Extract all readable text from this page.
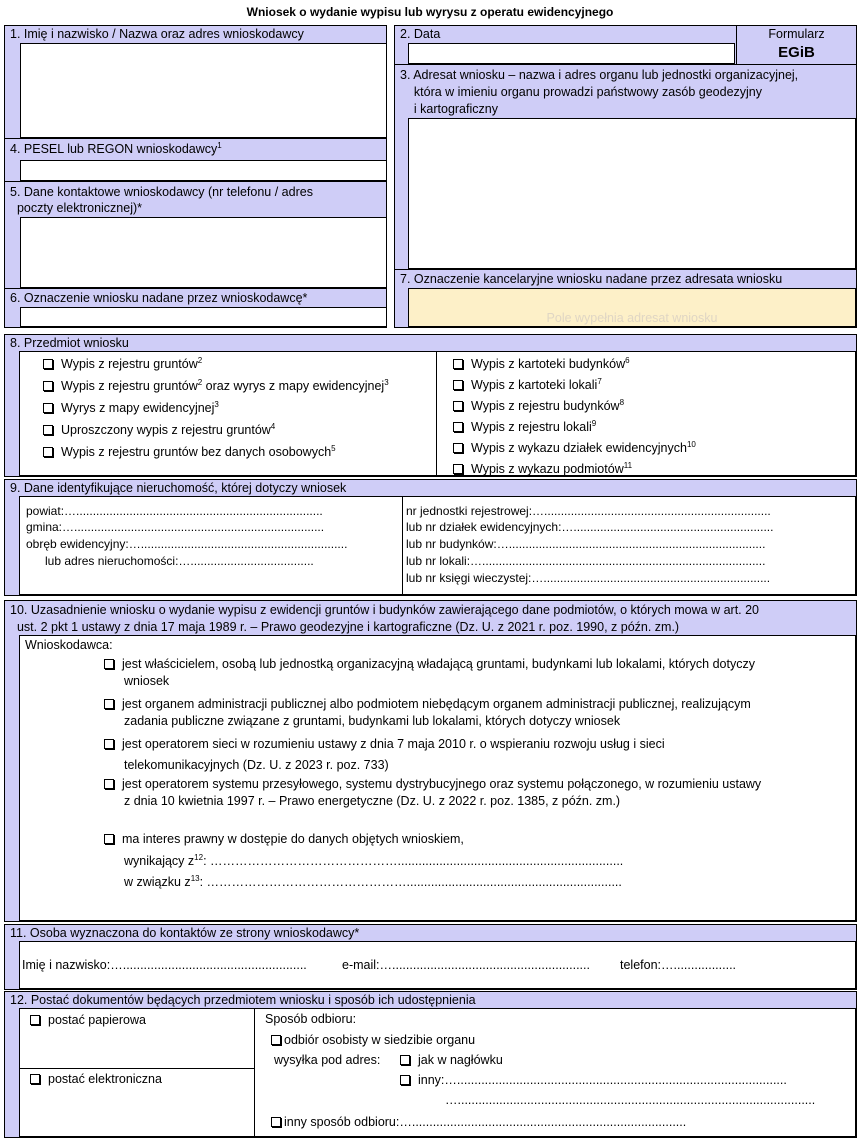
Wniosek o wydanie wypisu lub wyrysu z operatu ewidencyjnego
1. Imię i nazwisko / Nazwa oraz adres wnioskodawcy
4. PESEL lub REGON wnioskodawcy$^1$
5. Dane kontaktowe wnioskodawcy (nr telefonu / adres
poczty elektronicznej)*
6. Oznaczenie wniosku nadane przez wnioskodawcę*
2. Data	Formularz
EGiB
3. Adresat wniosku – nazwa i adres organu lub jednostki organizacyjnej,
która w imieniu organu prowadzi państwowy zasób geodezyjny
i kartograficzny
7. Oznaczenie kancelaryjne wniosku nadane przez adresata wniosku
Pole wypełnia adresat wniosku
8. Przedmiot wniosku
Wypis z rejestru gruntów$^2$
Wypis z rejestru gruntów$^2$ oraz wyrys z mapy ewidencyjnej$^3$
Wyrys z mapy ewidencyjnej$^3$
Uproszczony wypis z rejestru gruntów$^4$
Wypis z rejestru gruntów bez danych osobowych$^5$
Wypis z kartoteki budynków$^6$
Wypis z kartoteki lokali$^7$
Wypis z rejestru budynków$^8$
Wypis z rejestru lokali$^9$
Wypis z wykazu działek ewidencyjnych$^{10}$
Wypis z wykazu podmiotów$^{11}$
9. Dane identyfikujące nieruchomość, której dotyczy wniosek
powiat:…..........................................................................
gmina:…...........................................................................
obręb ewidencyjny:…..............................................................
lub adres nieruchomości:….....................................
nr jednostki rejestrowej:…....................................................................
lub nr działek ewidencyjnych:…............................................................
lub nr budynków:….............................................................................
lub nr lokali:….....................................................................................
lub nr księgi wieczystej:…....................................................................
10. Uzasadnienie wniosku o wydanie wypisu z ewidencji gruntów i budynków zawierającego dane podmiotów, o których mowa w art. 20
ust. 2 pkt 1 ustawy z dnia 17 maja 1989 r. – Prawo geodezyjne i kartograficzne (Dz. U. z 2021 r. poz. 1990, z późn. zm.)
Wnioskodawca:
jest właścicielem, osobą lub jednostką organizacyjną władającą gruntami, budynkami lub lokalami, których dotyczy
wniosek
jest organem administracji publicznej albo podmiotem niebędącym organem administracji publicznej, realizującym
zadania publiczne związane z gruntami, budynkami lub lokalami, których dotyczy wniosek
jest operatorem sieci w rozumieniu ustawy z dnia 7 maja 2010 r. o wspieraniu rozwoju usług i sieci
telekomunikacyjnych (Dz. U. z 2023 r. poz. 733)
jest operatorem systemu przesyłowego, systemu dystrybucyjnego oraz systemu połączonego, w rozumieniu ustawy
z dnia 10 kwietnia 1997 r. – Prawo energetyczne (Dz. U. z 2022 r. poz. 1385, z późn. zm.)
ma interes prawny w dostępie do danych objętych wnioskiem,
wynikający $z^{12}$: ……………………………………….................................................................
w związku $z^{13}$: …………………………………………..............................................................
11. Osoba wyznaczona do kontaktów ze strony wnioskodawcy*
Imię i nazwisko:….....................................................	e-mail:…......................................................... telefon:…..................
12. Postać dokumentów będących przedmiotem wniosku i sposób ich udostępnienia
postać papierowa
postać elektroniczna
Sposób odbioru:
odbiór osobisty w siedzibie organu
wysyłka pod adres:	jak w nagłówku
inny:…...............................................................................................
….......................................................................................................
inny sposób odbioru:…...............................................................................
